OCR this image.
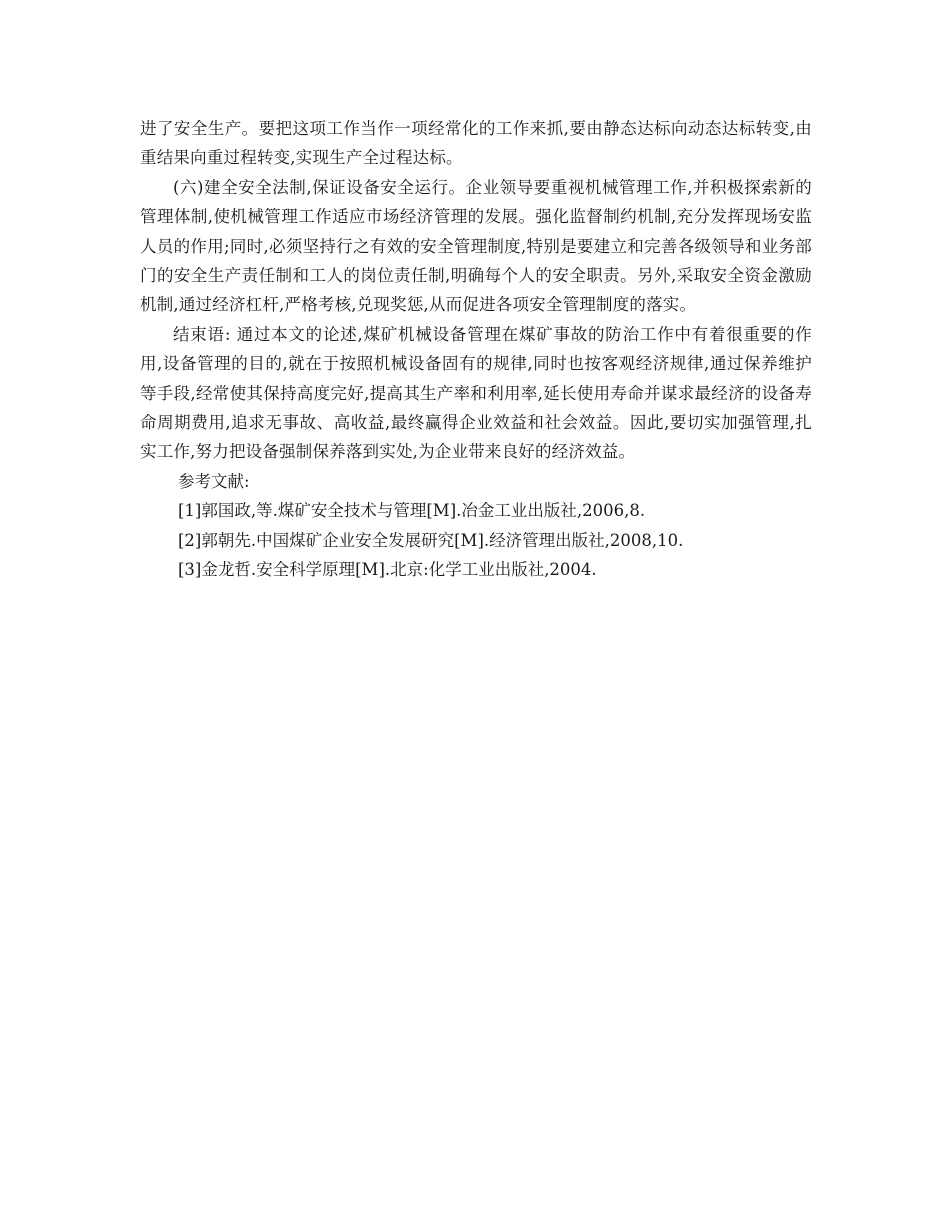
进了安全生产。要把这项工作当作一项经常化的工作来抓,要由静态达标向动态达标转变,由重结果向重过程转变,实现生产全过程达标。

(六)建全安全法制,保证设备安全运行。企业领导要重视机械管理工作,并积极探索新的管理体制,使机械管理工作适应市场经济管理的发展。强化监督制约机制,充分发挥现场安监人员的作用;同时,必须坚持行之有效的安全管理制度,特别是要建立和完善各级领导和业务部门的安全生产责任制和工人的岗位责任制,明确每个人的安全职责。另外,采取安全资金激励机制,通过经济杠杆,严格考核,兑现奖惩,从而促进各项安全管理制度的落实。

结束语: 通过本文的论述,煤矿机械设备管理在煤矿事故的防治工作中有着很重要的作用,设备管理的目的,就在于按照机械设备固有的规律,同时也按客观经济规律,通过保养维护等手段,经常使其保持高度完好,提高其生产率和利用率,延长使用寿命并谋求最经济的设备寿命周期费用,追求无事故、高收益,最终赢得企业效益和社会效益。因此,要切实加强管理,扎实工作,努力把设备强制保养落到实处,为企业带来良好的经济效益。

参考文献:

[1]郭国政,等.煤矿安全技术与管理[M].冶金工业出版社,2006,8.
[2]郭朝先.中国煤矿企业安全发展研究[M].经济管理出版社,2008,10.
[3]金龙哲.安全科学原理[M].北京:化学工业出版社,2004.
